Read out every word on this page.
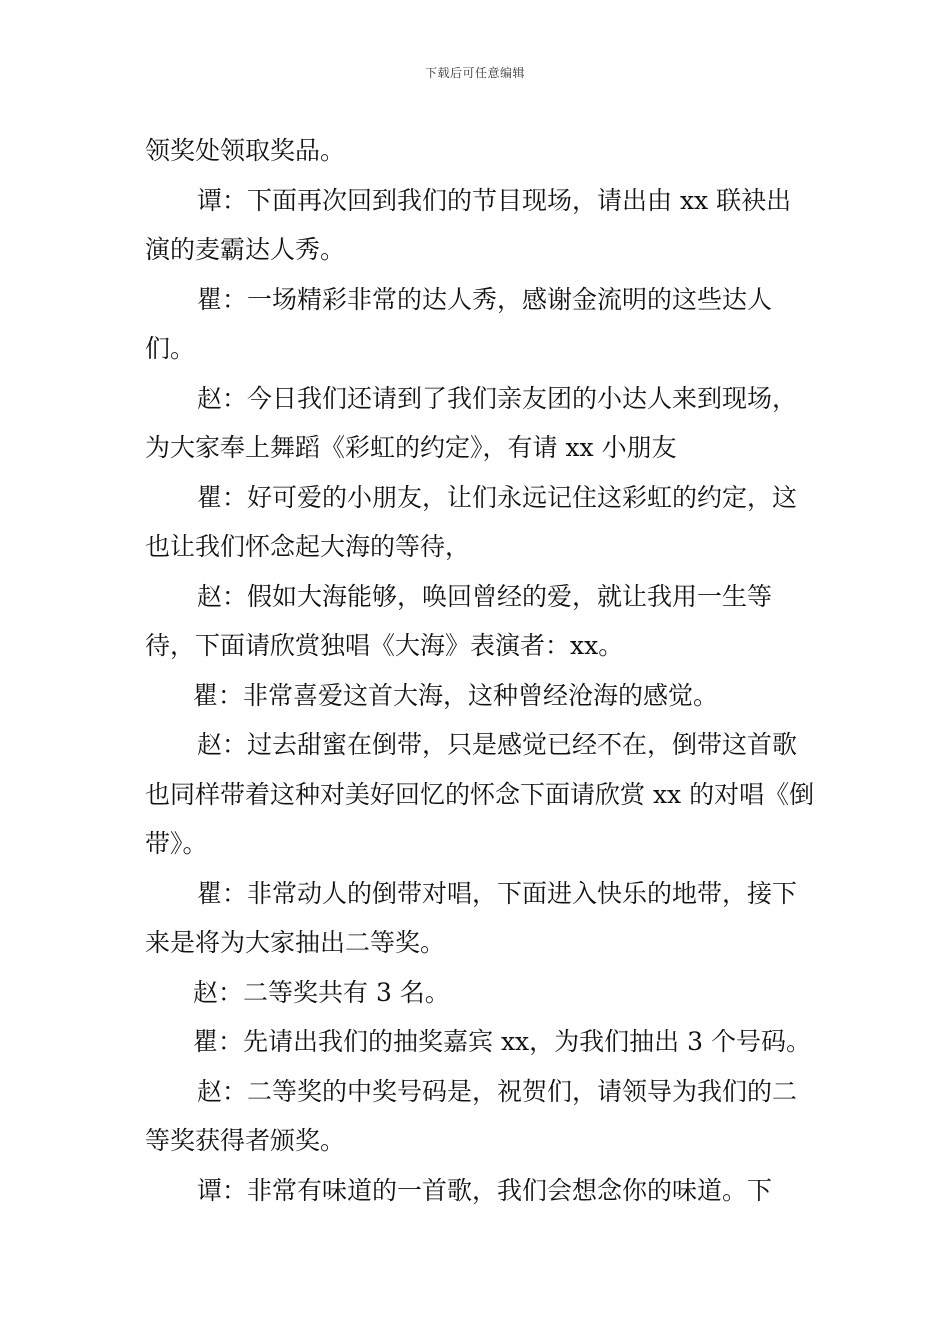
下载后可任意编辑

领奖处领取奖品。

谭：下面再次回到我们的节目现场，请出由 xx 联袂出演的麦霸达人秀。

瞿：一场精彩非常的达人秀，感谢金流明的这些达人们。

赵：今日我们还请到了我们亲友团的小达人来到现场，为大家奉上舞蹈《彩虹的约定》，有请 xx 小朋友

瞿：好可爱的小朋友，让们永远记住这彩虹的约定，这也让我们怀念起大海的等待，

赵：假如大海能够，唤回曾经的爱，就让我用一生等待，下面请欣赏独唱《大海》表演者：xx。

瞿：非常喜爱这首大海，这种曾经沧海的感觉。

赵：过去甜蜜在倒带，只是感觉已经不在，倒带这首歌也同样带着这种对美好回忆的怀念下面请欣赏 xx 的对唱《倒带》。

瞿：非常动人的倒带对唱，下面进入快乐的地带，接下来是将为大家抽出二等奖。

赵：二等奖共有 3 名。

瞿：先请出我们的抽奖嘉宾 xx，为我们抽出 3 个号码。

赵：二等奖的中奖号码是，祝贺们，请领导为我们的二等奖获得者颁奖。

谭：非常有味道的一首歌，我们会想念你的味道。下
